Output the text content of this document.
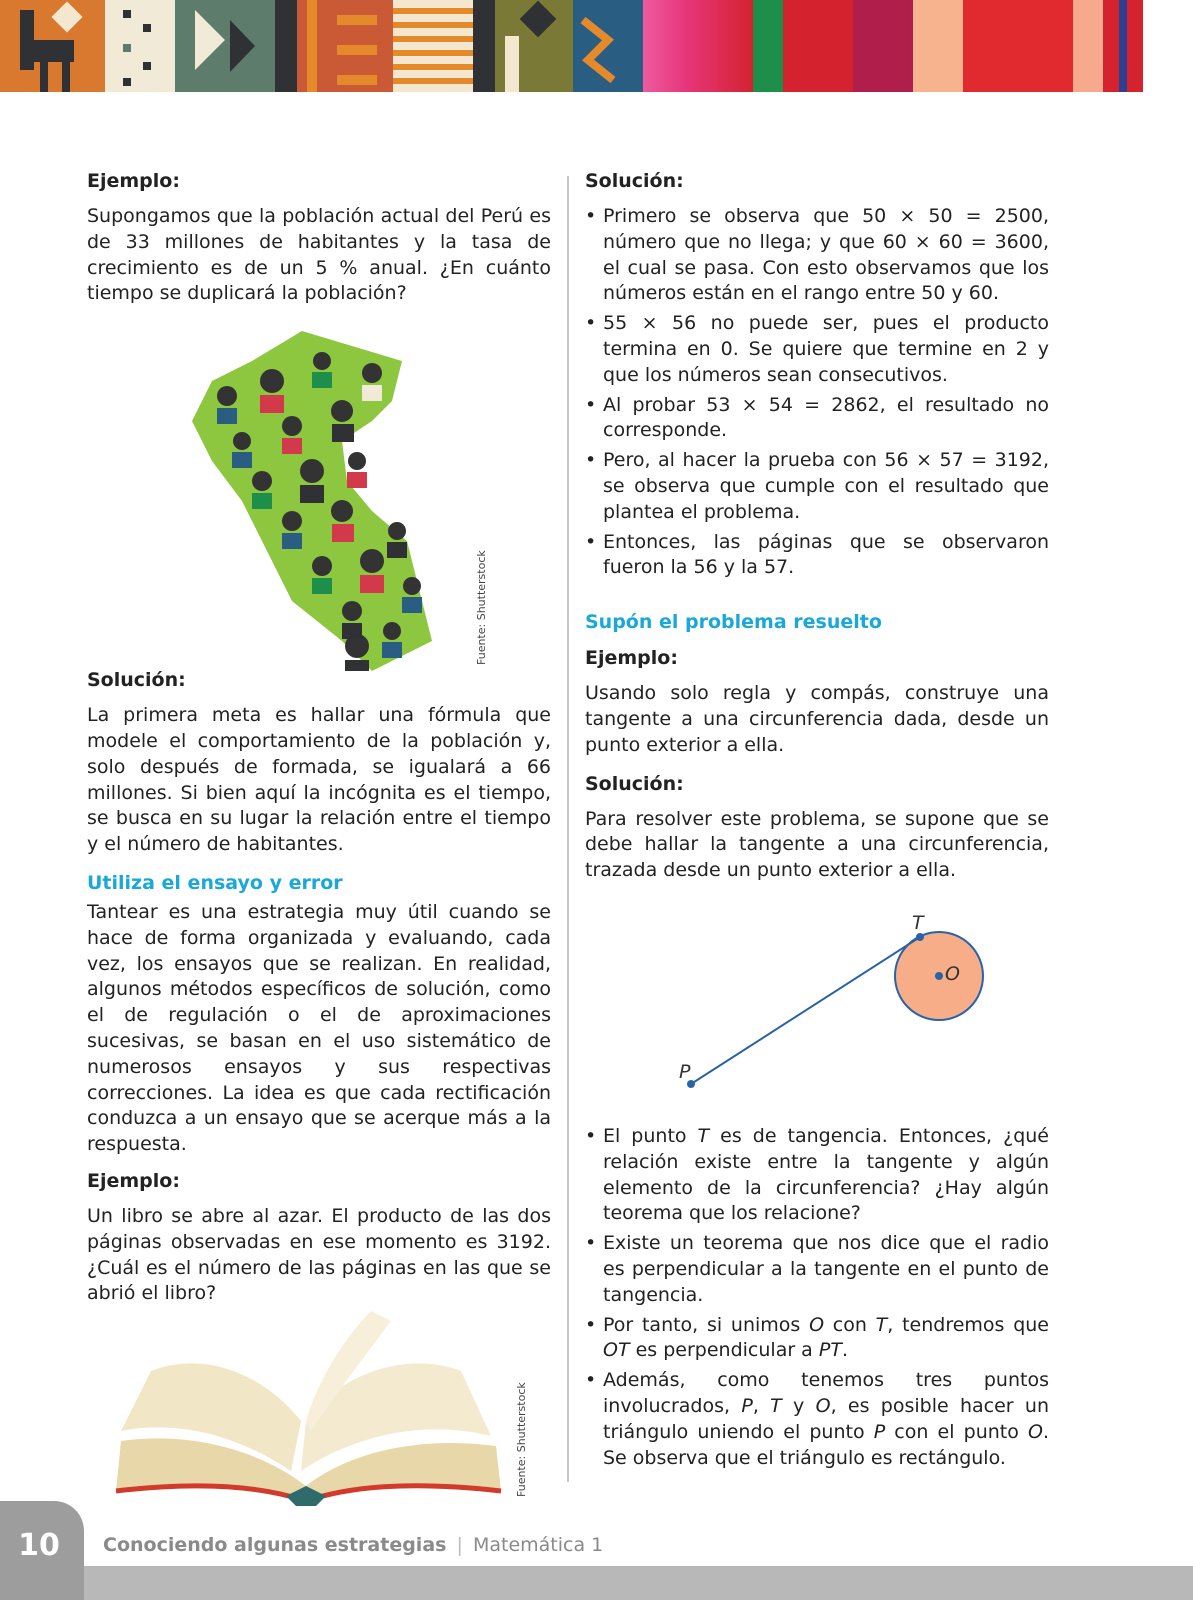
Ejemplo:

Supongamos que la población actual del Perú es de 33 millones de habitantes y la tasa de crecimiento es de un 5 % anual. ¿En cuánto tiempo se duplicará la población?

Fuente: Shutterstock
Solución:

La primera meta es hallar una fórmula que modele el comportamiento de la población y, solo después de formada, se igualará a 66 millones. Si bien aquí la incógnita es el tiempo, se busca en su lugar la relación entre el tiempo y el número de habitantes.

Utiliza el ensayo y error

Tantear es una estrategia muy útil cuando se hace de forma organizada y evaluando, cada vez, los ensayos que se realizan. En realidad, algunos métodos específicos de solución, como el de regulación o el de aproximaciones sucesivas, se basan en el uso sistemático de numerosos ensayos y sus respectivas correcciones. La idea es que cada rectificación conduzca a un ensayo que se acerque más a la respuesta.

Ejemplo:

Un libro se abre al azar. El producto de las dos páginas observadas en ese momento es 3192. ¿Cuál es el número de las páginas en las que se abrió el libro?

Fuente: Shutterstock
Solución:
• Primero se observa que 50 × 50 = 2500, número que no llega; y que 60 × 60 = 3600, el cual se pasa. Con esto observamos que los números están en el rango entre 50 y 60.
• 55 × 56 no puede ser, pues el producto termina en 0. Se quiere que termine en 2 y que los números sean consecutivos.
• Al probar 53 × 54 = 2862, el resultado no corresponde.
• Pero, al hacer la prueba con 56 × 57 = 3192, se observa que cumple con el resultado que plantea el problema.
• Entonces, las páginas que se observaron fueron la 56 y la 57.
Supón el problema resuelto
Ejemplo:

Usando solo regla y compás, construye una tangente a una circunferencia dada, desde un punto exterior a ella.

Solución:

Para resolver este problema, se supone que se debe hallar la tangente a una circunferencia, trazada desde un punto exterior a ella.

T
O
P
• El punto T es de tangencia. Entonces, ¿qué relación existe entre la tangente y algún elemento de la circunferencia? ¿Hay algún teorema que los relacione?
• Existe un teorema que nos dice que el radio es perpendicular a la tangente en el punto de tangencia.
• Por tanto, si unimos O con T, tendremos que OT es perpendicular a PT.
• Además, como tenemos tres puntos involucrados, P, T y O, es posible hacer un triángulo uniendo el punto P con el punto O. Se observa que el triángulo es rectángulo.
10	Conociendo algunas estrategias | Matemática 1
